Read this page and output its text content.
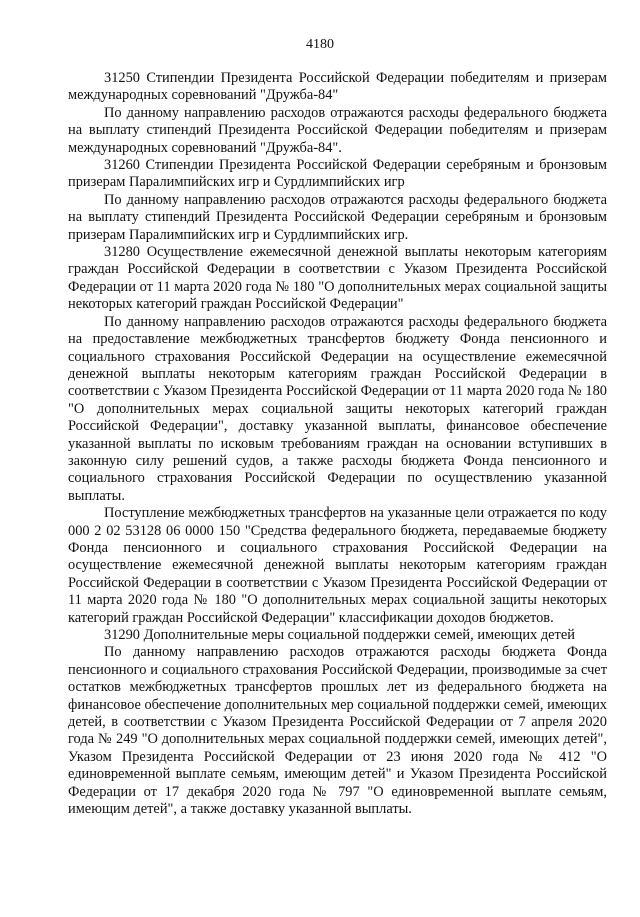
4180

31250 Стипендии Президента Российской Федерации победителям и призерам международных соревнований "Дружба-84"

По данному направлению расходов отражаются расходы федерального бюджета на выплату стипендий Президента Российской Федерации победителям и призерам международных соревнований "Дружба-84".

31260 Стипендии Президента Российской Федерации серебряным и бронзовым призерам Паралимпийских игр и Сурдлимпийских игр

По данному направлению расходов отражаются расходы федерального бюджета на выплату стипендий Президента Российской Федерации серебряным и бронзовым призерам Паралимпийских игр и Сурдлимпийских игр.

31280 Осуществление ежемесячной денежной выплаты некоторым категориям граждан Российской Федерации в соответствии с Указом Президента Российской Федерации от 11 марта 2020 года № 180 "О дополнительных мерах социальной защиты некоторых категорий граждан Российской Федерации"

По данному направлению расходов отражаются расходы федерального бюджета на предоставление межбюджетных трансфертов бюджету Фонда пенсионного и социального страхования Российской Федерации на осуществление ежемесячной денежной выплаты некоторым категориям граждан Российской Федерации в соответствии с Указом Президента Российской Федерации от 11 марта 2020 года № 180 "О дополнительных мерах социальной защиты некоторых категорий граждан Российской Федерации", доставку указанной выплаты, финансовое обеспечение указанной выплаты по исковым требованиям граждан на основании вступивших в законную силу решений судов, а также расходы бюджета Фонда пенсионного и социального страхования Российской Федерации по осуществлению указанной выплаты.

Поступление межбюджетных трансфертов на указанные цели отражается по коду 000 2 02 53128 06 0000 150 "Средства федерального бюджета, передаваемые бюджету Фонда пенсионного и социального страхования Российской Федерации на осуществление ежемесячной денежной выплаты некоторым категориям граждан Российской Федерации в соответствии с Указом Президента Российской Федерации от 11 марта 2020 года № 180 "О дополнительных мерах социальной защиты некоторых категорий граждан Российской Федерации" классификации доходов бюджетов.

31290 Дополнительные меры социальной поддержки семей, имеющих детей

По данному направлению расходов отражаются расходы бюджета Фонда пенсионного и социального страхования Российской Федерации, производимые за счет остатков межбюджетных трансфертов прошлых лет из федерального бюджета на финансовое обеспечение дополнительных мер социальной поддержки семей, имеющих детей, в соответствии с Указом Президента Российской Федерации от 7 апреля 2020 года № 249 "О дополнительных мерах социальной поддержки семей, имеющих детей", Указом Президента Российской Федерации от 23 июня 2020 года № 412 "О единовременной выплате семьям, имеющим детей" и Указом Президента Российской Федерации от 17 декабря 2020 года № 797 "О единовременной выплате семьям, имеющим детей", а также доставку указанной выплаты.
